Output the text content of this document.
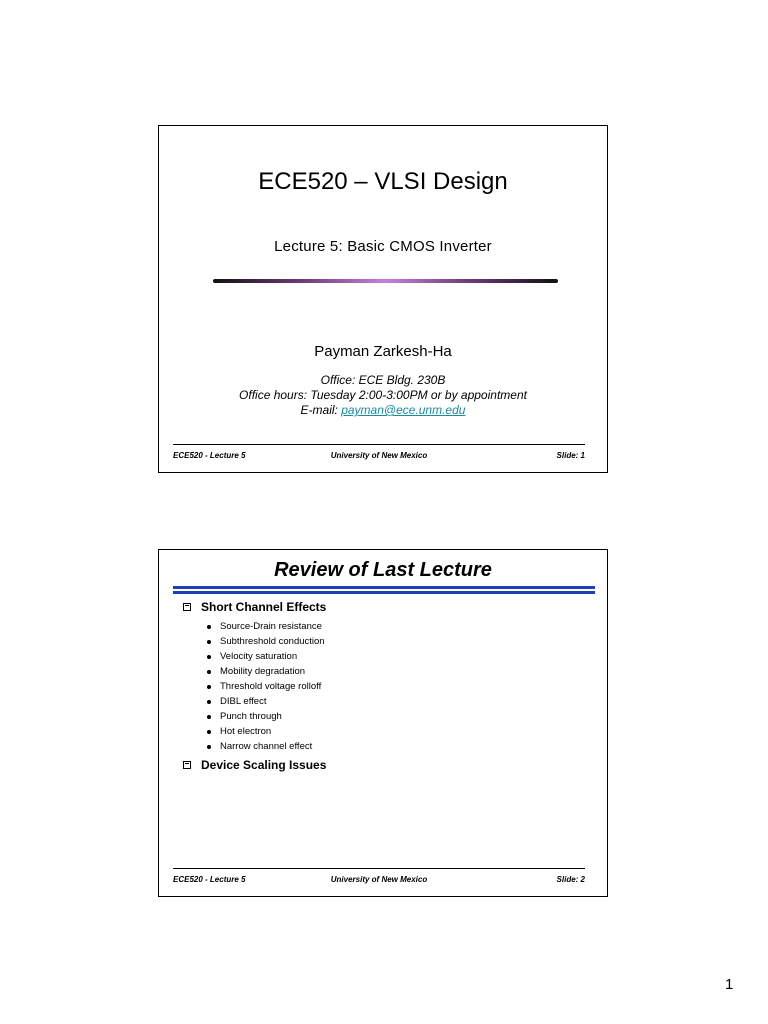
ECE520 – VLSI Design
Lecture 5: Basic CMOS Inverter
Payman Zarkesh-Ha
Office: ECE Bldg. 230B
Office hours: Tuesday 2:00-3:00PM or by appointment
E-mail: payman@ece.unm.edu
ECE520 - Lecture 5	University of New Mexico	Slide: 1
Review of Last Lecture
Short Channel Effects
Source-Drain resistance
Subthreshold conduction
Velocity saturation
Mobility degradation
Threshold voltage rolloff
DIBL effect
Punch through
Hot electron
Narrow channel effect
Device Scaling Issues
ECE520 - Lecture 5	University of New Mexico	Slide: 2
1
